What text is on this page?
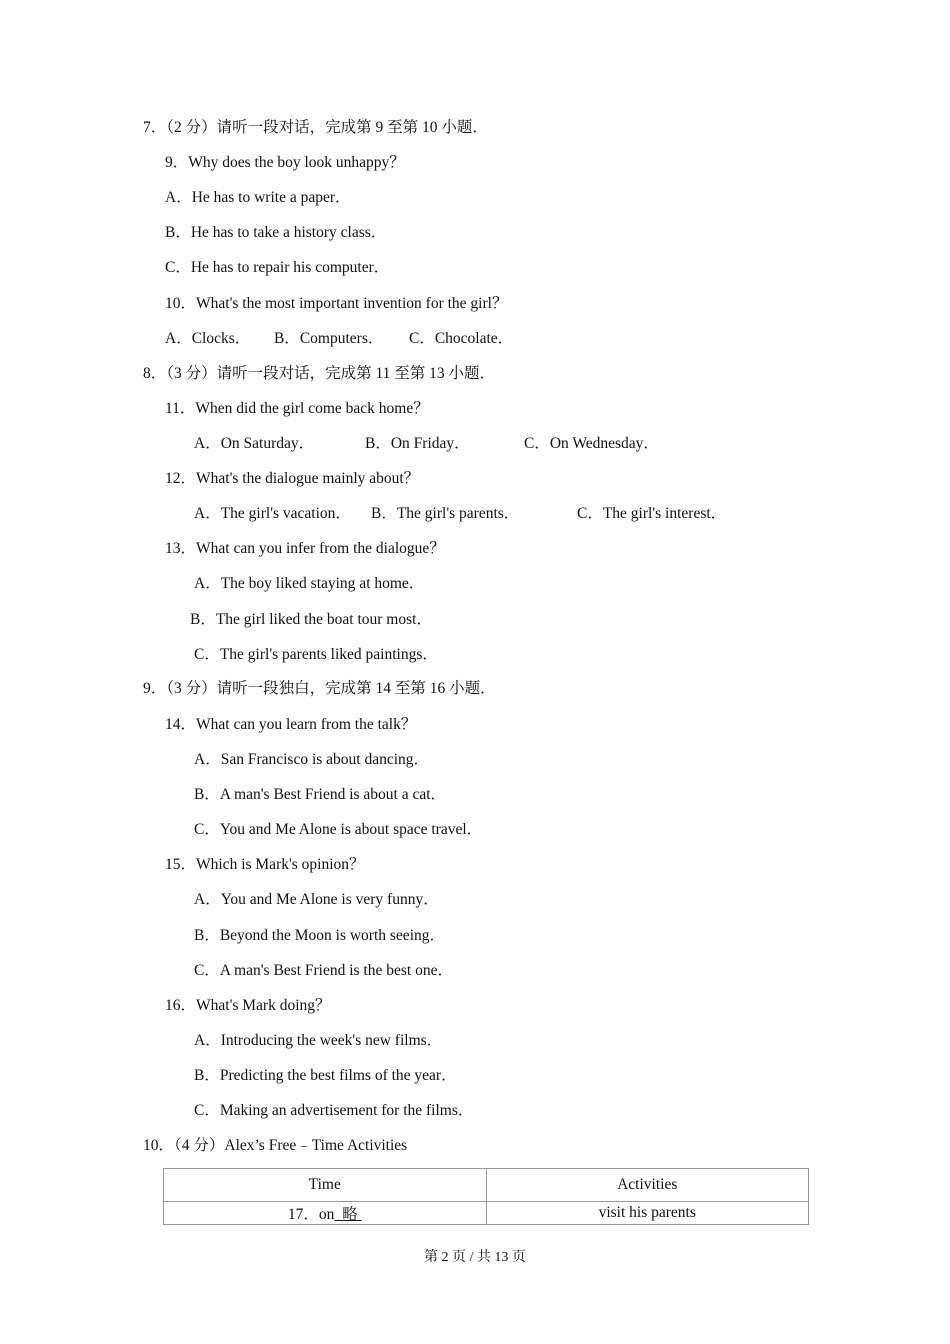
7．（2 分）请听一段对话，完成第 9 至第 10 小题．
9．Why does the boy look unhappy？
A．He has to write a paper．
B．He has to take a history class．
C．He has to repair his computer．
10．What's the most important invention for the girl？
A．Clocks． B．Computers． C．Chocolate．
8．（3 分）请听一段对话，完成第 11 至第 13 小题．
11．When did the girl come back home？
A．On Saturday．	B．On Friday．	C．On Wednesday．
12．What's the dialogue mainly about？
A．The girl's vacation． B．The girl's parents．	C．The girl's interest．
13．What can you infer from the dialogue？
A．The boy liked staying at home．
B．The girl liked the boat tour most．
C．The girl's parents liked paintings．
9．（3 分）请听一段独白，完成第 14 至第 16 小题．
14．What can you learn from the talk？
A．San Francisco is about dancing．
B．A man's Best Friend is about a cat．
C．You and Me Alone is about space travel．
15．Which is Mark's opinion？
A．You and Me Alone is very funny．
B．Beyond the Moon is worth seeing．
C．A man's Best Friend is the best one．
16．What's Mark doing？
A．Introducing the week's new films．
B．Predicting the best films of the year．
C．Making an advertisement for the films．
10．（4 分）Alex’s Free﹣Time Activities
Time	Activities
17．on 略	visit his parents
第 2 页 / 共 13 页
